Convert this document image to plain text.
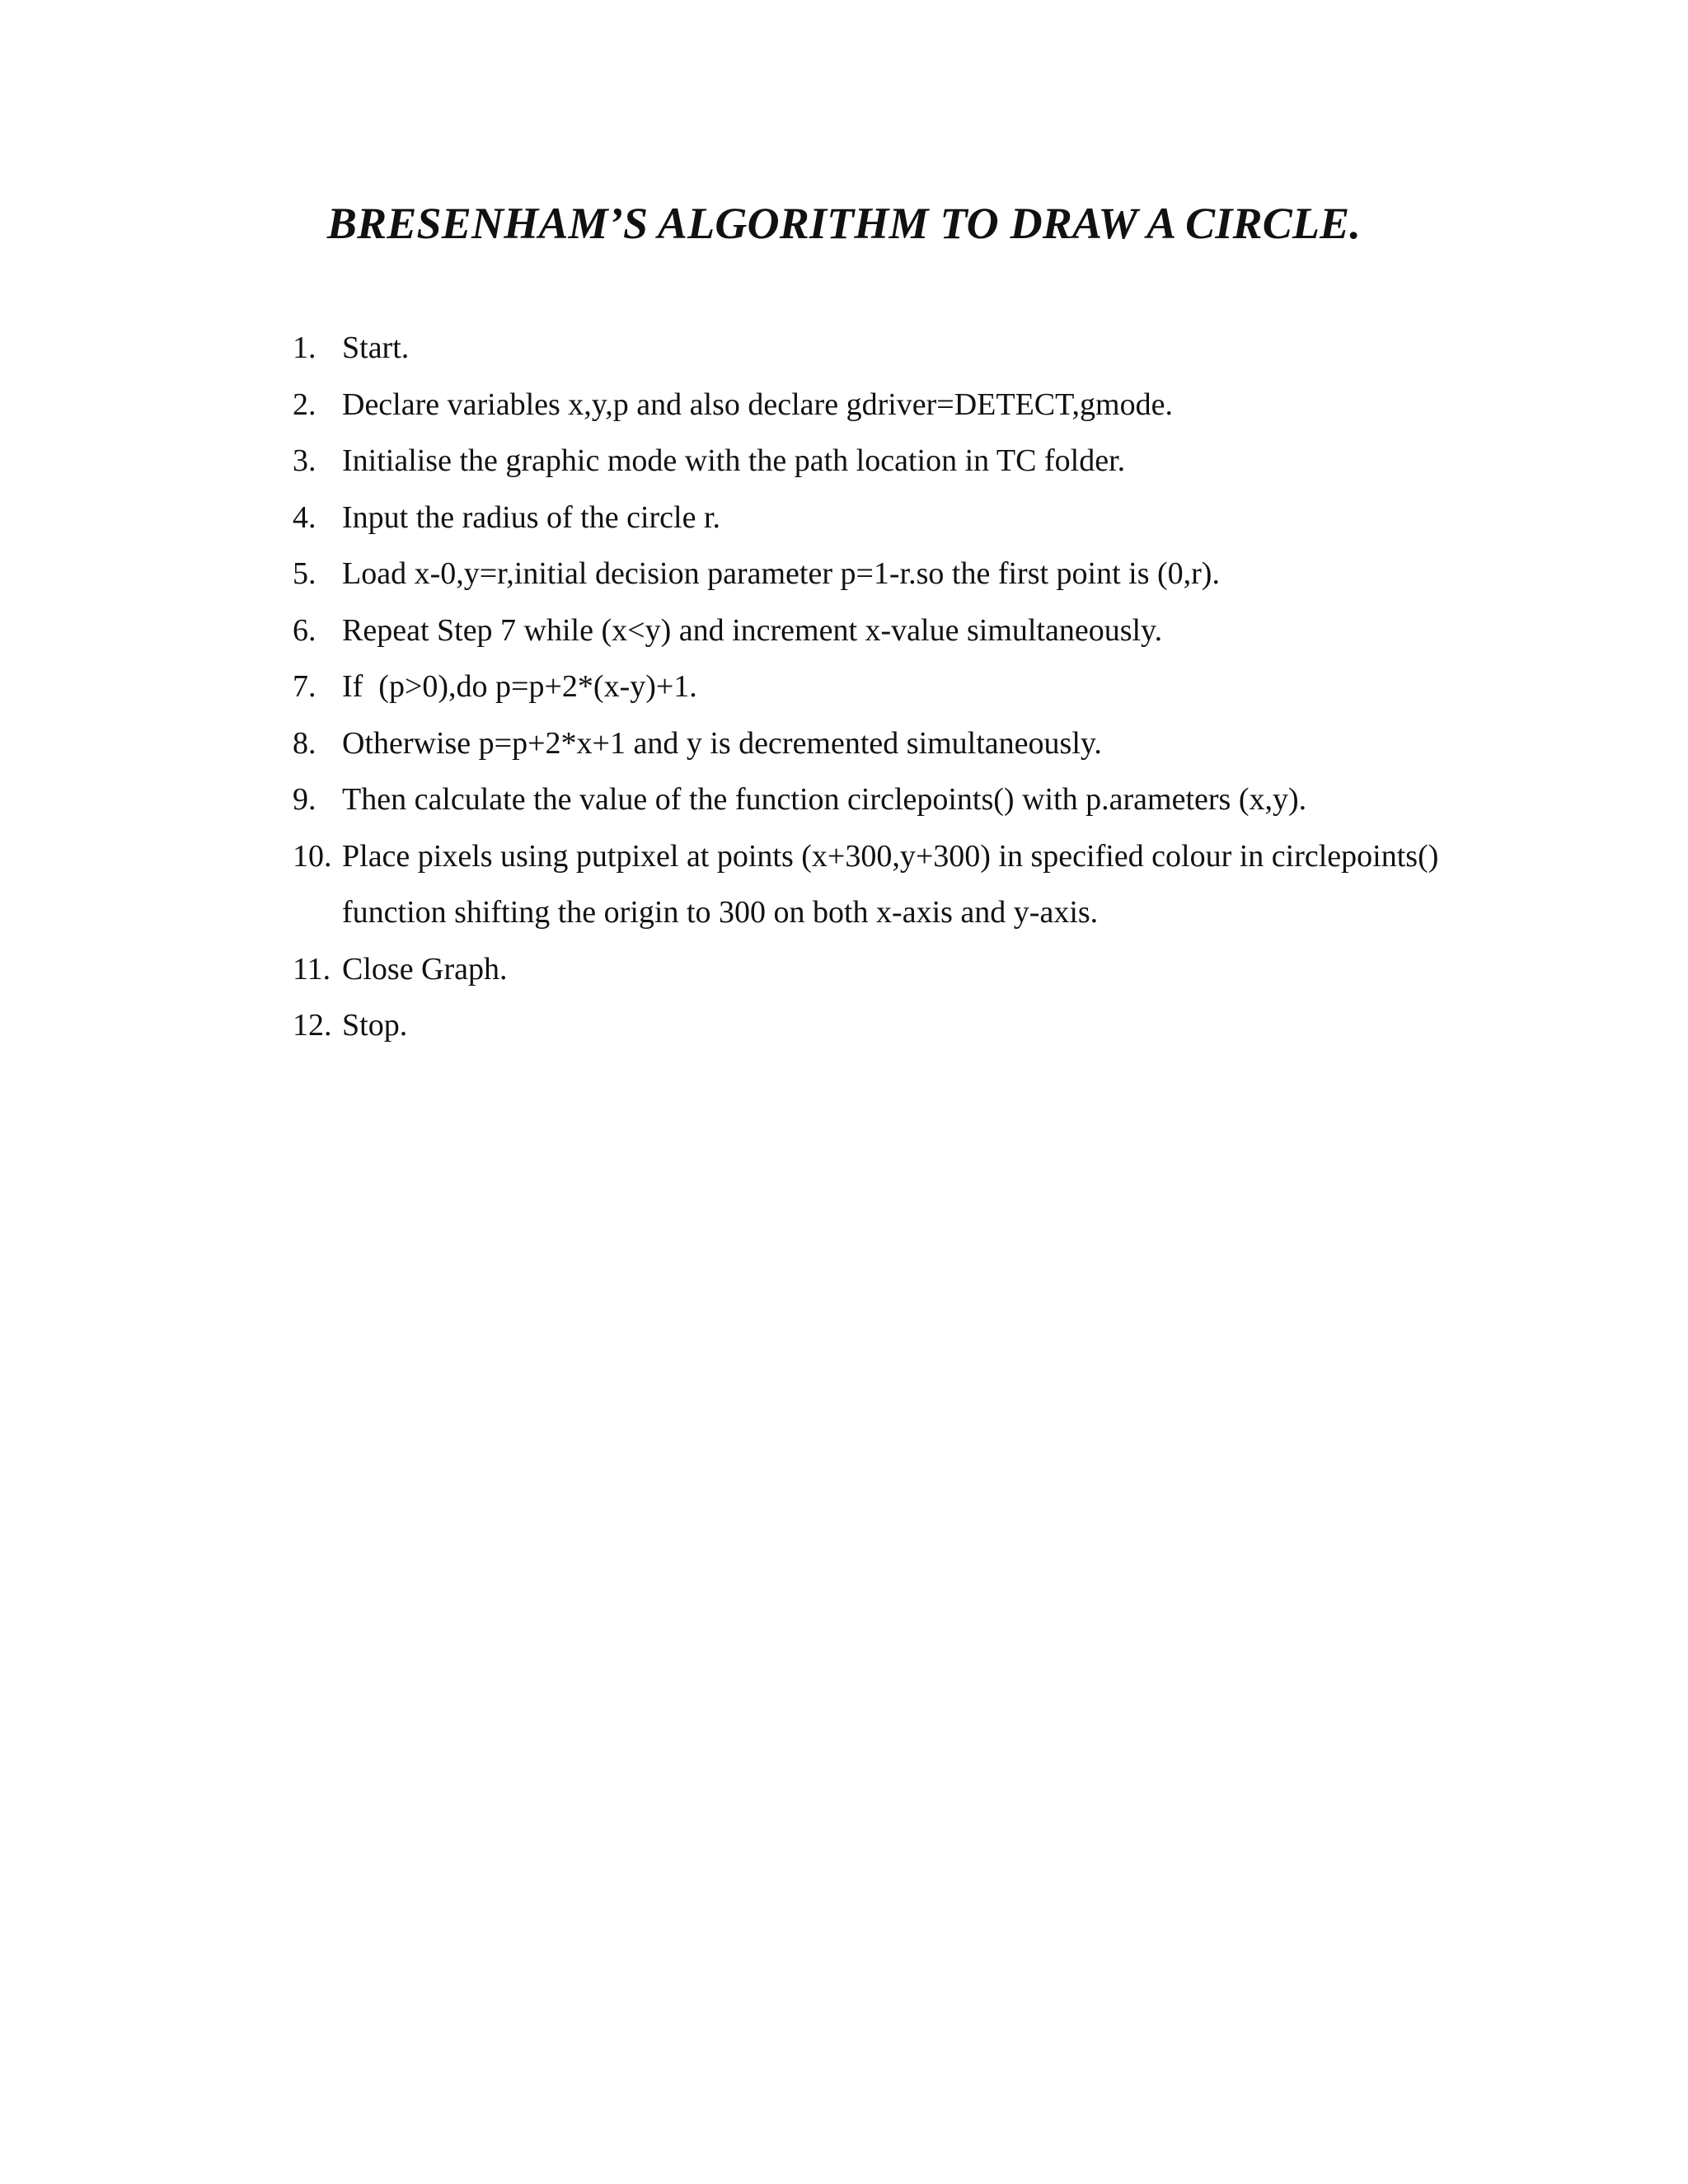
BRESENHAM’S ALGORITHM TO DRAW A CIRCLE.
1. Start.
2. Declare variables x,y,p and also declare gdriver=DETECT,gmode.
3. Initialise the graphic mode with the path location in TC folder.
4. Input the radius of the circle r.
5. Load x-0,y=r,initial decision parameter p=1-r.so the first point is (0,r).
6. Repeat Step 7 while (x<y) and increment x-value simultaneously.
7. If  (p>0),do p=p+2*(x-y)+1.
8. Otherwise p=p+2*x+1 and y is decremented simultaneously.
9. Then calculate the value of the function circlepoints() with p.arameters (x,y).
10. Place pixels using putpixel at points (x+300,y+300) in specified colour in circlepoints()
function shifting the origin to 300 on both x-axis and y-axis.
11. Close Graph.
12. Stop.
